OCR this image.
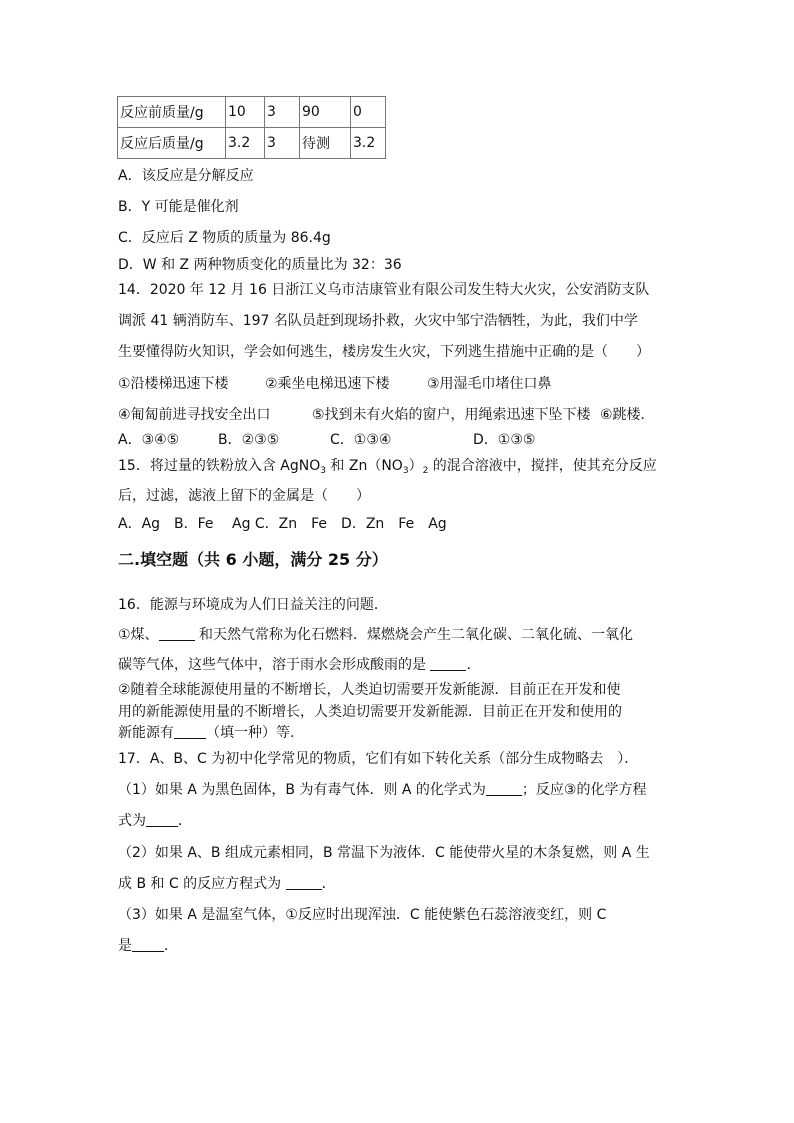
反应前质量/g	10	3	90	0
反应后质量/g	3.2	3	待测	3.2
A．该反应是分解反应
B．Y 可能是催化剂
C．反应后 Z 物质的质量为 86.4g
D．W 和 Z 两种物质变化的质量比为 32：36
14．2020 年 12 月 16 日浙江义乌市洁康管业有限公司发生特大火灾，公安消防支队
调派 41 辆消防车、197 名队员赶到现场扑救，火灾中邹宁浩牺牲，为此，我们中学
生要懂得防火知识，学会如何逃生，楼房发生火灾，下列逃生措施中正确的是（　　）
①沿楼梯迅速下楼	②乘坐电梯迅速下楼	③用湿毛巾堵住口鼻
④匍匐前进寻找安全出口	⑤找到未有火焰的窗户，用绳索迅速下坠下楼 ⑥跳楼．
A．③④⑤	B．②③⑤	C．①③④	D．①③⑤
15．将过量的铁粉放入含 AgNO$_3$ 和 $Zn(NO_3)_2$ 的混合溶液中，搅拌，使其充分反应
后，过滤，滤液上留下的金属是（　　）
A．Ag　B．Fe　 Ag C．Zn　Fe　D．Zn　Fe　Ag
二.填空题（共 6 小题，满分 25 分）
16．能源与环境成为人们日益关注的问题．
①煤、	和天然气常称为化石燃料．煤燃烧会产生二氧化碳、二氧化硫、一氧化
碳等气体，这些气体中，溶于雨水会形成酸雨的是	．
②随着全球能源使用量的不断增长，人类迫切需要开发新能源．目前正在开发和使
用的新能源使用量的不断增长，人类迫切需要开发新能源．目前正在开发和使用的
新能源有 （填一种）等.
17．A、B、C 为初中化学常见的物质，它们有如下转化关系（部分生成物略去　）．
（1）如果 A 为黑色固体，B 为有毒气体．则 A 的化学式为	；反应③的化学方程
式为 ．
（2）如果 A、B 组成元素相同，B 常温下为液体．C 能使带火星的木条复燃，则 A 生
成 B 和 C 的反应方程式为	．
（3）如果 A 是温室气体，①反应时出现浑浊．C 能使紫色石蕊溶液变红，则 C
是 ．
